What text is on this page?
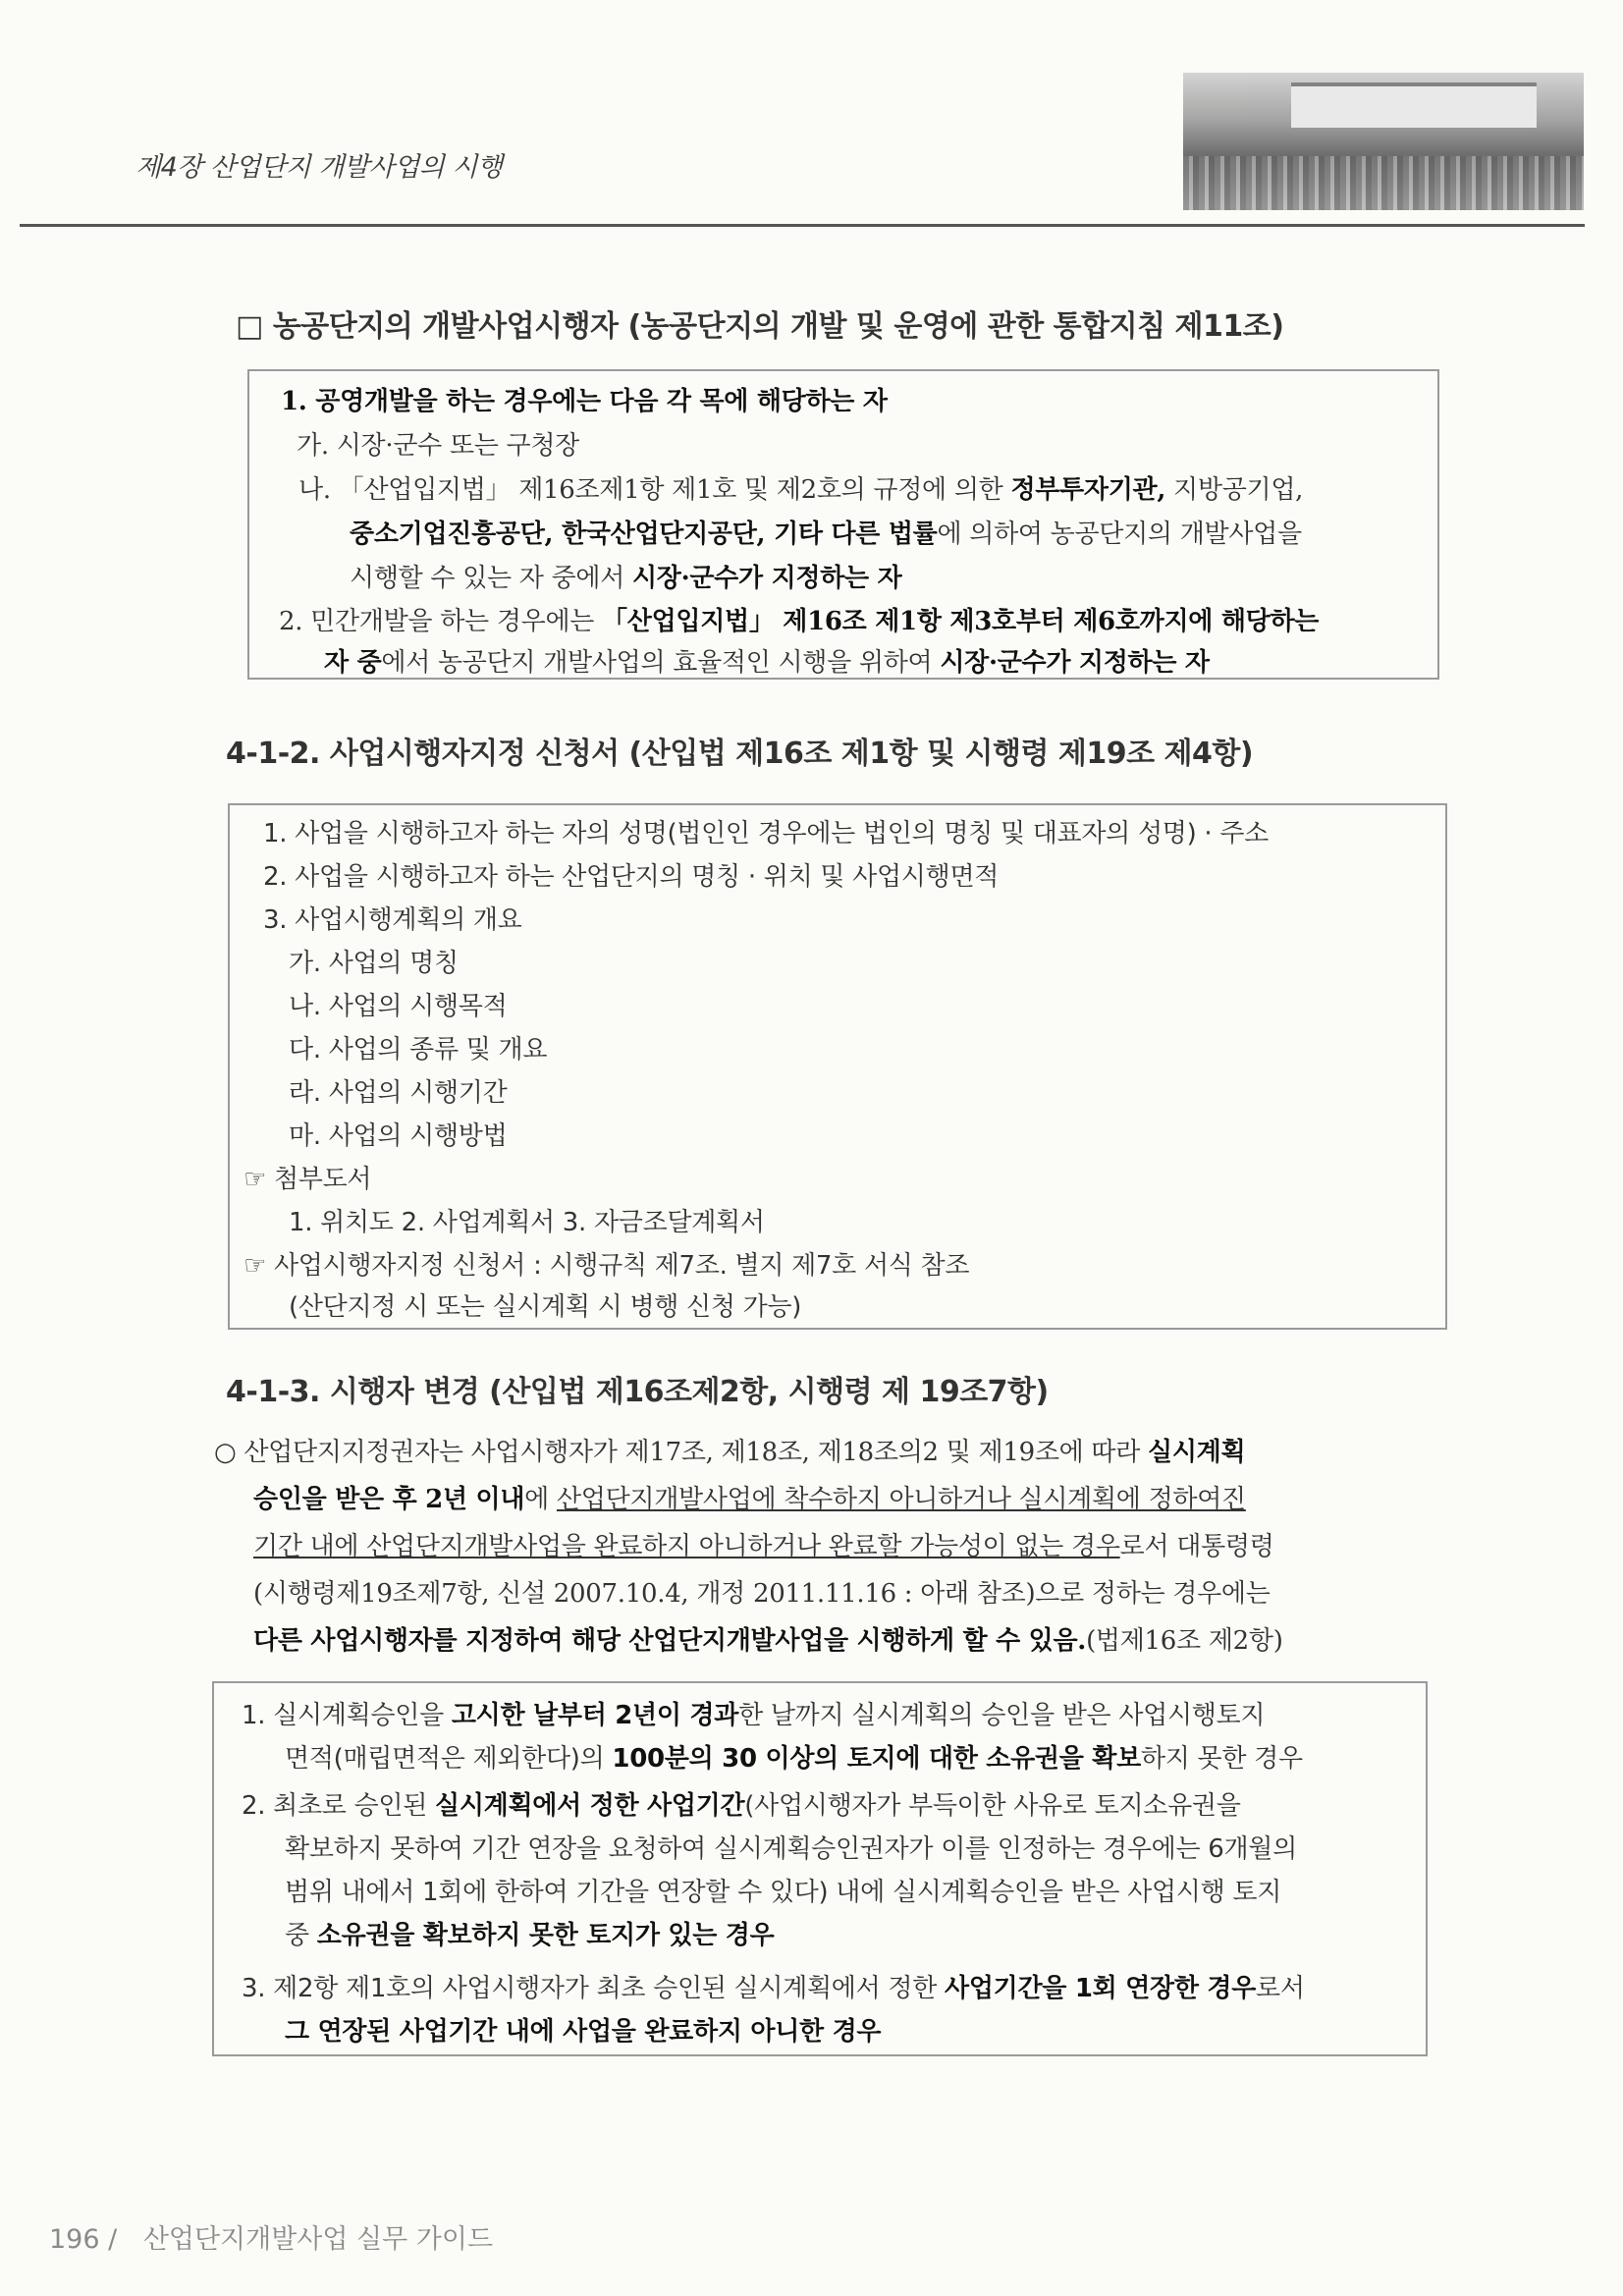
제4장 산업단지 개발사업의 시행
□ 농공단지의 개발사업시행자 (농공단지의 개발 및 운영에 관한 통합지침 제11조)
1. 공영개발을 하는 경우에는 다음 각 목에 해당하는 자
가. 시장·군수 또는 구청장
나. 「산업입지법」 제16조제1항 제1호 및 제2호의 규정에 의한 정부투자기관, 지방공기업,
중소기업진흥공단, 한국산업단지공단, 기타 다른 법률에 의하여 농공단지의 개발사업을
시행할 수 있는 자 중에서 시장·군수가 지정하는 자
2. 민간개발을 하는 경우에는 「산업입지법」 제16조 제1항 제3호부터 제6호까지에 해당하는
자 중에서 농공단지 개발사업의 효율적인 시행을 위하여 시장·군수가 지정하는 자
4-1-2. 사업시행자지정 신청서 (산입법 제16조 제1항 및 시행령 제19조 제4항)
1. 사업을 시행하고자 하는 자의 성명(법인인 경우에는 법인의 명칭 및 대표자의 성명) · 주소
2. 사업을 시행하고자 하는 산업단지의 명칭 · 위치 및 사업시행면적
3. 사업시행계획의 개요
가. 사업의 명칭
나. 사업의 시행목적
다. 사업의 종류 및 개요
라. 사업의 시행기간
마. 사업의 시행방법
☞ 첨부도서
1. 위치도 2. 사업계획서 3. 자금조달계획서
☞ 사업시행자지정 신청서 : 시행규칙 제7조. 별지 제7호 서식 참조
(산단지정 시 또는 실시계획 시 병행 신청 가능)
4-1-3. 시행자 변경 (산입법 제16조제2항, 시행령 제 19조7항)
○ 산업단지지정권자는 사업시행자가 제17조, 제18조, 제18조의2 및 제19조에 따라 실시계획
승인을 받은 후 2년 이내에 산업단지개발사업에 착수하지 아니하거나 실시계획에 정하여진
기간 내에 산업단지개발사업을 완료하지 아니하거나 완료할 가능성이 없는 경우로서 대통령령
(시행령제19조제7항, 신설 2007.10.4, 개정 2011.11.16 : 아래 참조)으로 정하는 경우에는
다른 사업시행자를 지정하여 해당 산업단지개발사업을 시행하게 할 수 있음.(법제16조 제2항)
1. 실시계획승인을 고시한 날부터 2년이 경과한 날까지 실시계획의 승인을 받은 사업시행토지
면적(매립면적은 제외한다)의 100분의 30 이상의 토지에 대한 소유권을 확보하지 못한 경우
2. 최초로 승인된 실시계획에서 정한 사업기간(사업시행자가 부득이한 사유로 토지소유권을
확보하지 못하여 기간 연장을 요청하여 실시계획승인권자가 이를 인정하는 경우에는 6개월의
범위 내에서 1회에 한하여 기간을 연장할 수 있다) 내에 실시계획승인을 받은 사업시행 토지
중 소유권을 확보하지 못한 토지가 있는 경우
3. 제2항 제1호의 사업시행자가 최초 승인된 실시계획에서 정한 사업기간을 1회 연장한 경우로서
그 연장된 사업기간 내에 사업을 완료하지 아니한 경우
196 / 산업단지개발사업 실무 가이드
